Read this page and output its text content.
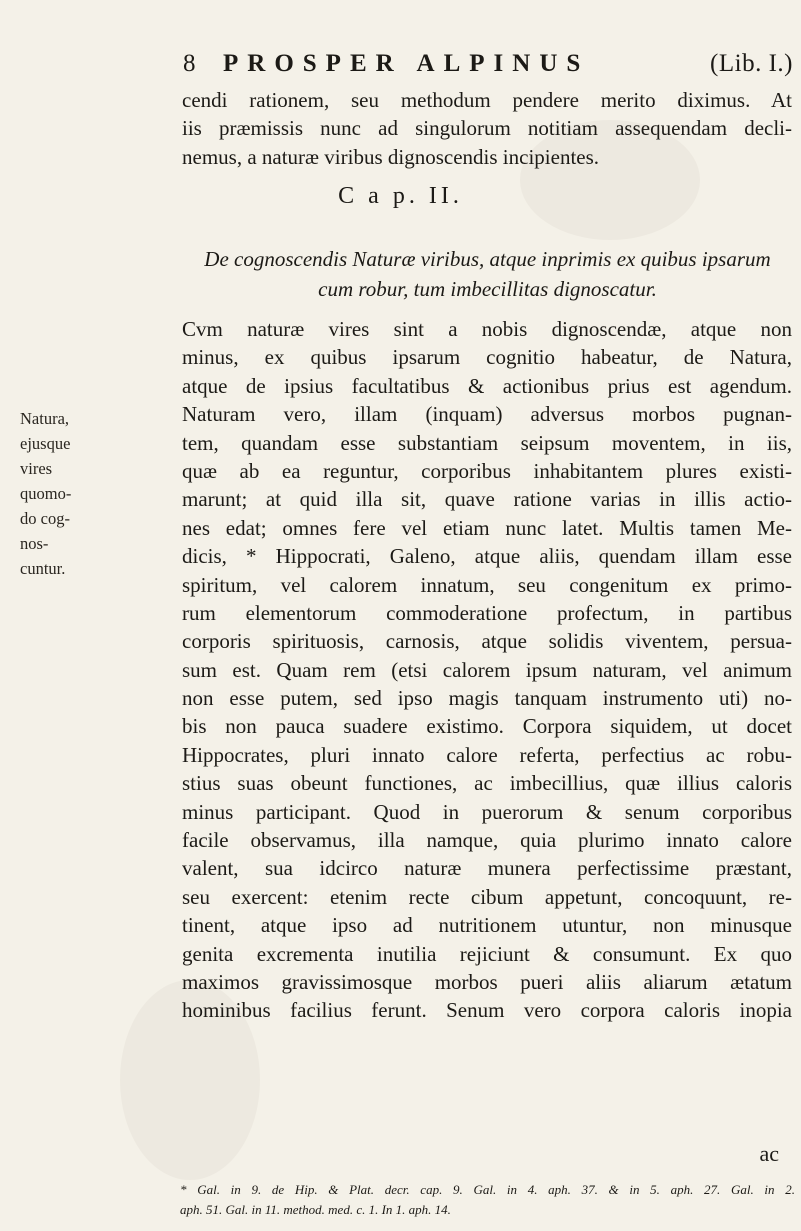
8 PROSPER ALPINUS	(Lib. I.)
cendi rationem, seu methodum pendere merito diximus. At
iis præmissis nunc ad singulorum notitiam assequendam decli-
nemus, a naturæ viribus dignoscendis incipientes.
C a p. II.
De cognoscendis Naturæ viribus, atque inprimis ex quibus ipsarum
cum robur, tum imbecillitas dignoscatur.
Natura,
ejusque
vires
quomo-
do cog-
nos-
cuntur.
Cvm naturæ vires sint a nobis dignoscendæ, atque non
minus, ex quibus ipsarum cognitio habeatur, de Natura,
atque de ipsius facultatibus & actionibus prius est agendum.
Naturam vero, illam (inquam) adversus morbos pugnan-
tem, quandam esse substantiam seipsum moventem, in iis,
quæ ab ea reguntur, corporibus inhabitantem plures existi-
marunt; at quid illa sit, quave ratione varias in illis actio-
nes edat; omnes fere vel etiam nunc latet. Multis tamen Me-
dicis, * Hippocrati, Galeno, atque aliis, quendam illam esse
spiritum, vel calorem innatum, seu congenitum ex primo-
rum elementorum commoderatione profectum, in partibus
corporis spirituosis, carnosis, atque solidis viventem, persua-
sum est. Quam rem (etsi calorem ipsum naturam, vel animum
non esse putem, sed ipso magis tanquam instrumento uti) no-
bis non pauca suadere existimo. Corpora siquidem, ut docet
Hippocrates, pluri innato calore referta, perfectius ac robu-
stius suas obeunt functiones, ac imbecillius, quæ illius caloris
minus participant. Quod in puerorum & senum corporibus
facile observamus, illa namque, quia plurimo innato calore
valent, sua idcirco naturæ munera perfectissime præstant,
seu exercent: etenim recte cibum appetunt, concoquunt, re-
tinent, atque ipso ad nutritionem utuntur, non minusque
genita excrementa inutilia rejiciunt & consumunt. Ex quo
maximos gravissimosque morbos pueri aliis aliarum ætatum
hominibus facilius ferunt. Senum vero corpora caloris inopia
ac
* Gal. in 9. de Hip. & Plat. decr. cap. 9. Gal. in 4. aph. 37. & in 5. aph. 27. Gal. in 2.
aph. 51. Gal. in 11. method. med. c. 1. In 1. aph. 14.
